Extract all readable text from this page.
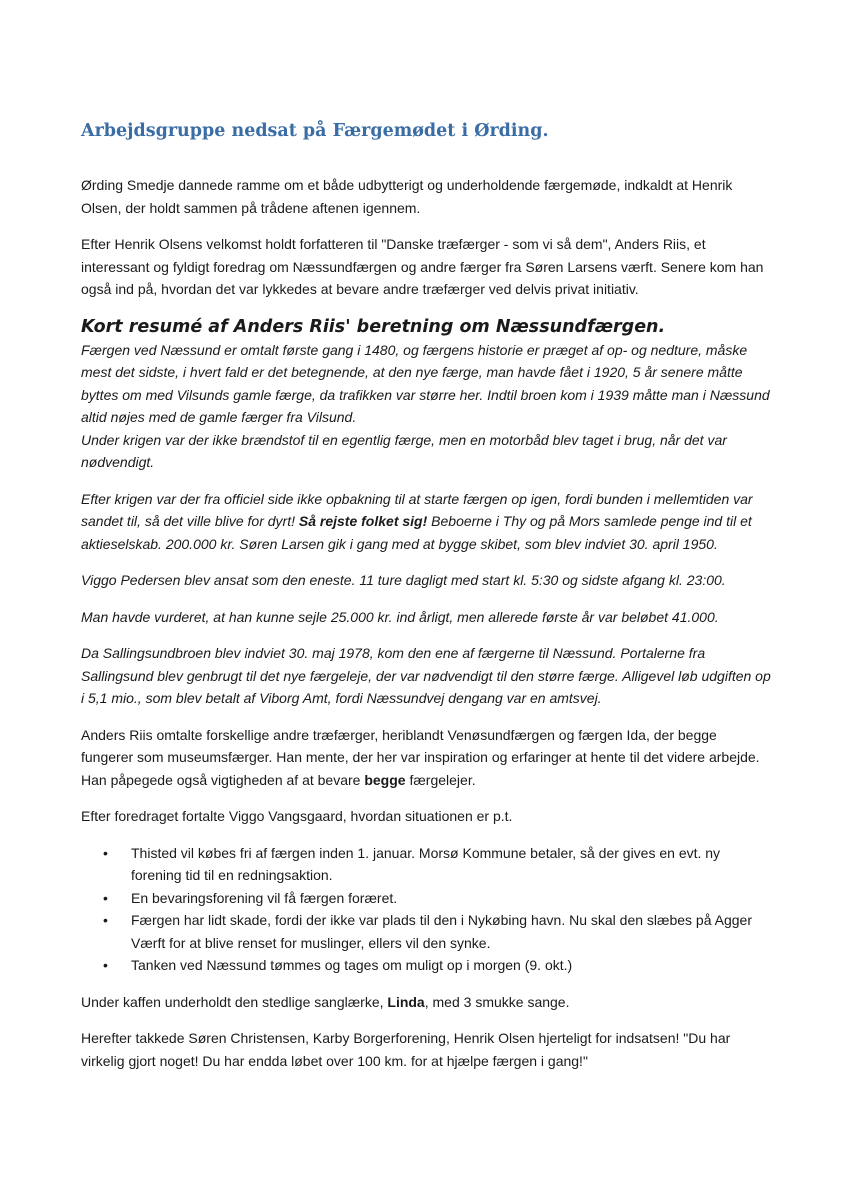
Arbejdsgruppe nedsat på Færgemødet i Ørding.

Ørding Smedje dannede ramme om et både udbytterigt og underholdende færgemøde, indkaldt at Henrik Olsen, der holdt sammen på trådene aftenen igennem.

Efter Henrik Olsens velkomst holdt forfatteren til "Danske træfærger - som vi så dem", Anders Riis, et interessant og fyldigt foredrag om Næssundfærgen og andre færger fra Søren Larsens værft. Senere kom han også ind på, hvordan det var lykkedes at bevare andre træfærger ved delvis privat initiativ.

Kort resumé af Anders Riis' beretning om Næssundfærgen.

Færgen ved Næssund er omtalt første gang i 1480, og færgens historie er præget af op- og nedture, måske mest det sidste, i hvert fald er det betegnende, at den nye færge, man havde fået i 1920, 5 år senere måtte byttes om med Vilsunds gamle færge, da trafikken var større her. Indtil broen kom i 1939 måtte man i Næssund altid nøjes med de gamle færger fra Vilsund.

Under krigen var der ikke brændstof til en egentlig færge, men en motorbåd blev taget i brug, når det var nødvendigt.

Efter krigen var der fra officiel side ikke opbakning til at starte færgen op igen, fordi bunden i mellemtiden var sandet til, så det ville blive for dyrt! Så rejste folket sig! Beboerne i Thy og på Mors samlede penge ind til et aktieselskab. 200.000 kr. Søren Larsen gik i gang med at bygge skibet, som blev indviet 30. april 1950.

Viggo Pedersen blev ansat som den eneste. 11 ture dagligt med start kl. 5:30 og sidste afgang kl. 23:00.

Man havde vurderet, at han kunne sejle 25.000 kr. ind årligt, men allerede første år var beløbet 41.000.

Da Sallingsundbroen blev indviet 30. maj 1978, kom den ene af færgerne til Næssund. Portalerne fra Sallingsund blev genbrugt til det nye færgeleje, der var nødvendigt til den større færge. Alligevel løb udgiften op i 5,1 mio., som blev betalt af Viborg Amt, fordi Næssundvej dengang var en amtsvej.

Anders Riis omtalte forskellige andre træfærger, heriblandt Venøsundfærgen og færgen Ida, der begge fungerer som museumsfærger. Han mente, der her var inspiration og erfaringer at hente til det videre arbejde. Han påpegede også vigtigheden af at bevare begge færgelejer.

Efter foredraget fortalte Viggo Vangsgaard, hvordan situationen er p.t.

• Thisted vil købes fri af færgen inden 1. januar. Morsø Kommune betaler, så der gives en evt. ny forening tid til en redningsaktion.
• En bevaringsforening vil få færgen foræret.
• Færgen har lidt skade, fordi der ikke var plads til den i Nykøbing havn. Nu skal den slæbes på Agger Værft for at blive renset for muslinger, ellers vil den synke.
• Tanken ved Næssund tømmes og tages om muligt op i morgen (9. okt.)

Under kaffen underholdt den stedlige sanglærke, Linda, med 3 smukke sange.

Herefter takkede Søren Christensen, Karby Borgerforening, Henrik Olsen hjerteligt for indsatsen! "Du har virkelig gjort noget! Du har endda løbet over 100 km. for at hjælpe færgen i gang!"
